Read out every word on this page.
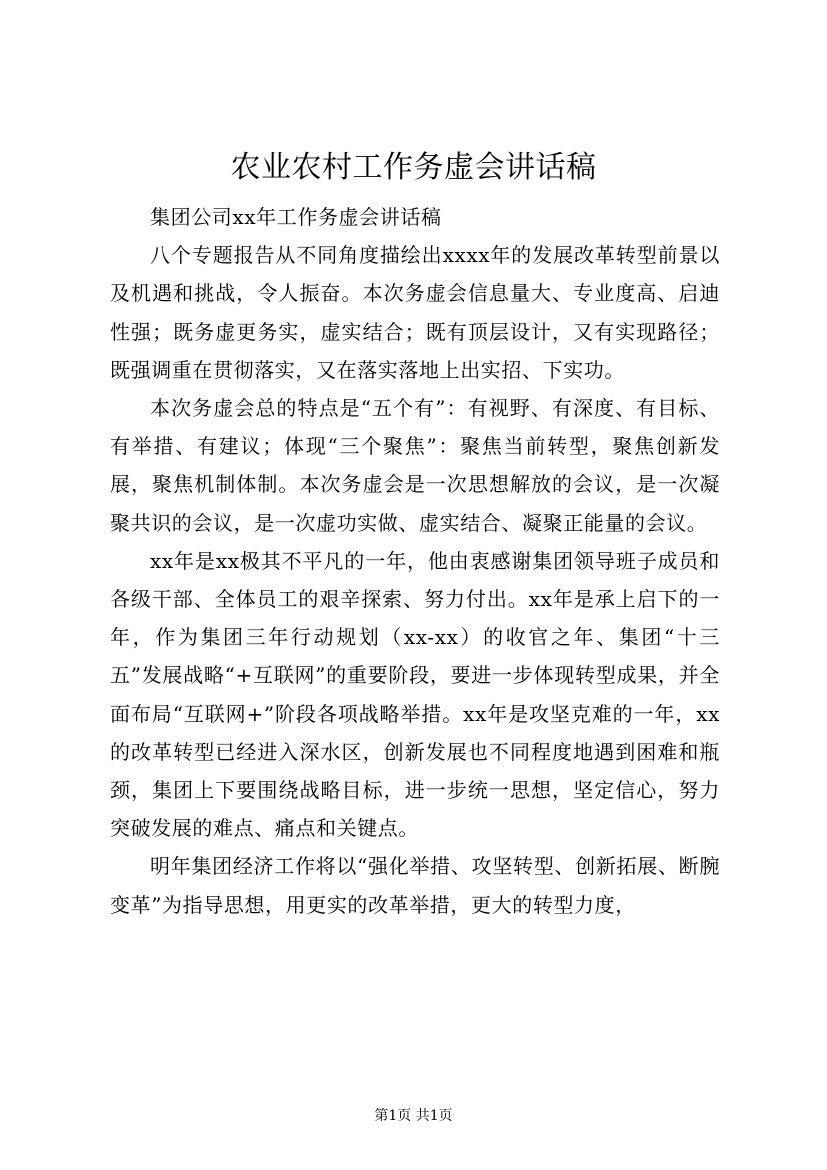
农业农村工作务虚会讲话稿

集团公司xx年工作务虚会讲话稿

八个专题报告从不同角度描绘出xxxx年的发展改革转型前景以及机遇和挑战，令人振奋。本次务虚会信息量大、专业度高、启迪性强；既务虚更务实，虚实结合；既有顶层设计，又有实现路径；既强调重在贯彻落实，又在落实落地上出实招、下实功。

本次务虚会总的特点是“五个有”：有视野、有深度、有目标、有举措、有建议；体现“三个聚焦”：聚焦当前转型，聚焦创新发展，聚焦机制体制。本次务虚会是一次思想解放的会议，是一次凝聚共识的会议，是一次虚功实做、虚实结合、凝聚正能量的会议。

xx年是xx极其不平凡的一年，他由衷感谢集团领导班子成员和各级干部、全体员工的艰辛探索、努力付出。xx年是承上启下的一年，作为集团三年行动规划（xx-xx）的收官之年、集团“十三五”发展战略“+互联网”的重要阶段，要进一步体现转型成果，并全面布局“互联网+”阶段各项战略举措。xx年是攻坚克难的一年，xx的改革转型已经进入深水区，创新发展也不同程度地遇到困难和瓶颈，集团上下要围绕战略目标，进一步统一思想，坚定信心，努力突破发展的难点、痛点和关键点。

明年集团经济工作将以“强化举措、攻坚转型、创新拓展、断腕变革”为指导思想，用更实的改革举措，更大的转型力度，

第1页 共1页
